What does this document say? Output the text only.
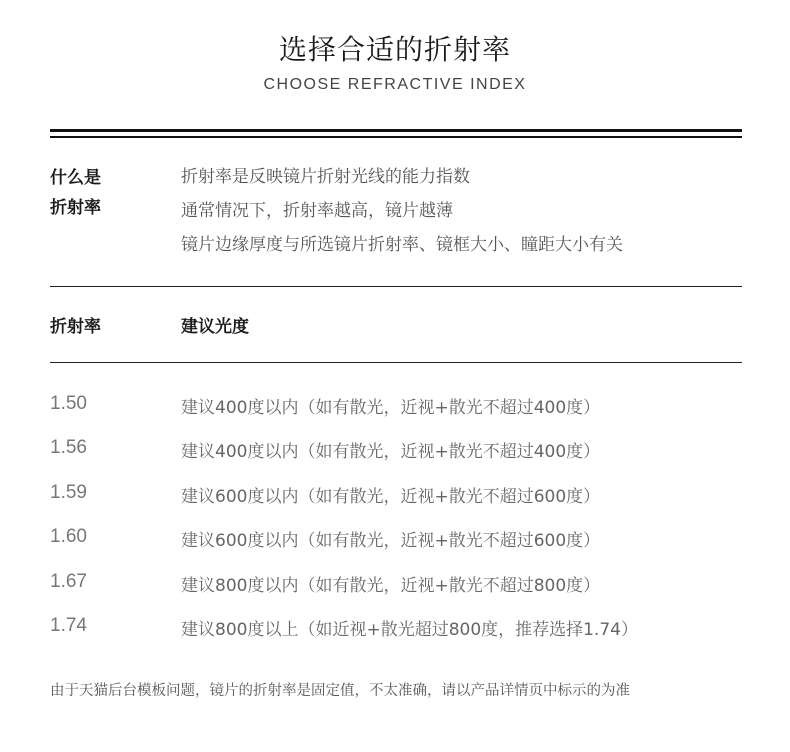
选择合适的折射率
CHOOSE REFRACTIVE INDEX
什么是
折射率
折射率是反映镜片折射光线的能力指数
通常情况下，折射率越高，镜片越薄
镜片边缘厚度与所选镜片折射率、镜框大小、瞳距大小有关
折射率	建议光度
1.50	建议400度以内（如有散光，近视+散光不超过400度）
1.56	建议400度以内（如有散光，近视+散光不超过400度）
1.59	建议600度以内（如有散光，近视+散光不超过600度）
1.60	建议600度以内（如有散光，近视+散光不超过600度）
1.67	建议800度以内（如有散光，近视+散光不超过800度）
1.74	建议800度以上（如近视+散光超过800度，推荐选择1.74）
由于天猫后台模板问题，镜片的折射率是固定值，不太准确，请以产品详情页中标示的为准
